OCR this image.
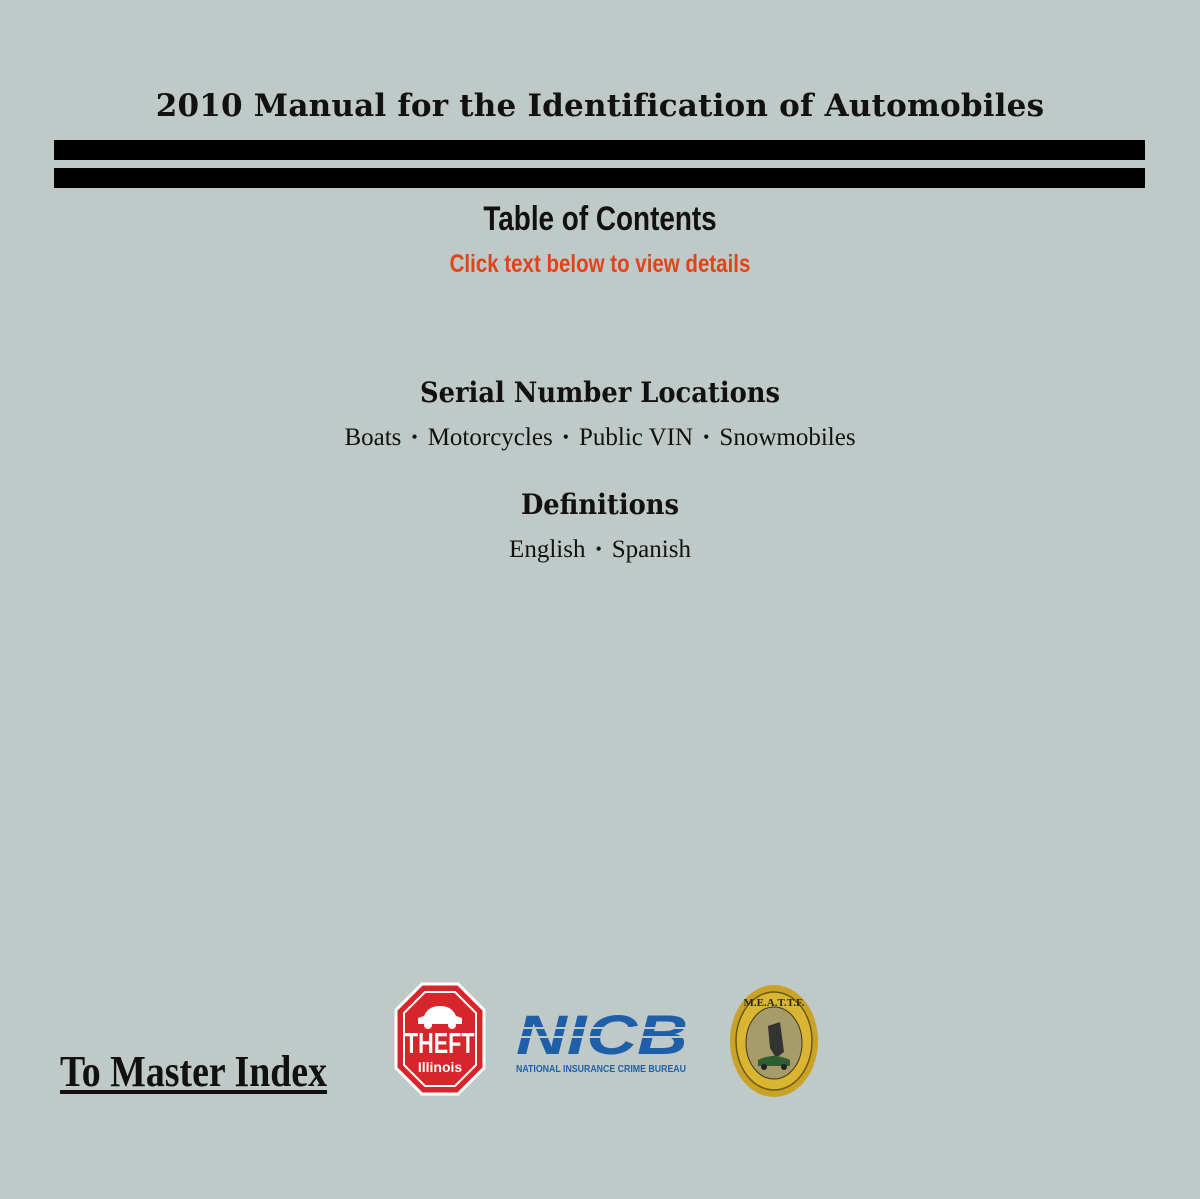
2010 Manual for the Identification of Automobiles
Table of Contents
Click text below to view details
Serial Number Locations
Boats • Motorcycles • Public VIN • Snowmobiles
Definitions
English • Spanish
To Master Index
THEFT
Illinois
NICB
NATIONAL INSURANCE CRIME BUREAU
M.E.A.T.T.F.
